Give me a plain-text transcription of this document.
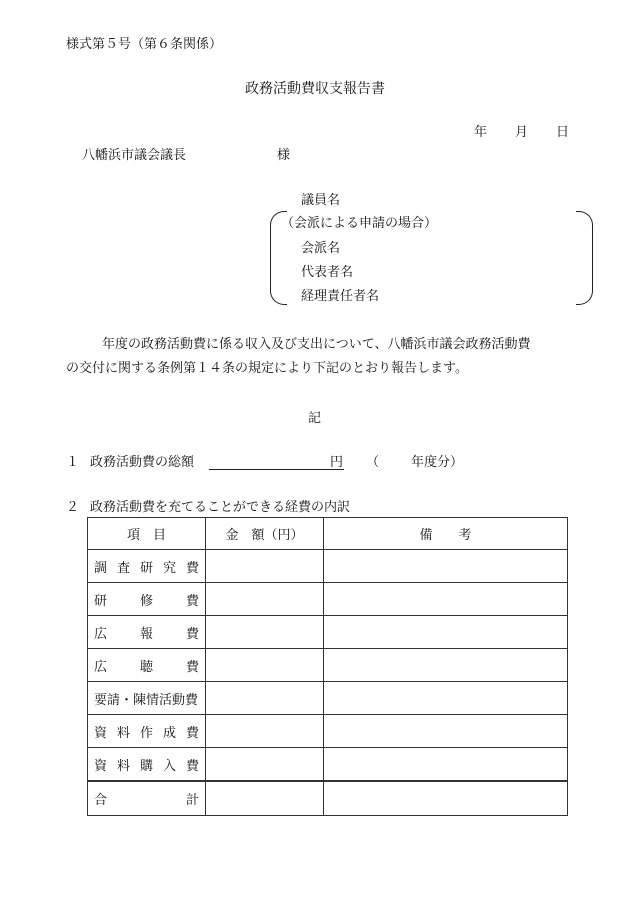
様式第５号（第６条関係）
政務活動費収支報告書
年 月 日
八幡浜市議会議長	様
議員名
（会派による申請の場合）
会派名
代表者名
経理責任者名
年度の政務活動費に係る収入及び支出について、八幡浜市議会政務活動費
の交付に関する条例第１４条の規定により下記のとおり報告します。
記
１ 政務活動費の総額	円 （ 年度分）
２ 政務活動費を充てることができる経費の内訳
項　目	金　額（円）	備　　考

調 査 研 究 費		

研 修 費		

広 報 費		

広 聴 費		

要請・陳情活動費		

資 料 作 成 費		

資 料 購 入 費		

合 計		
